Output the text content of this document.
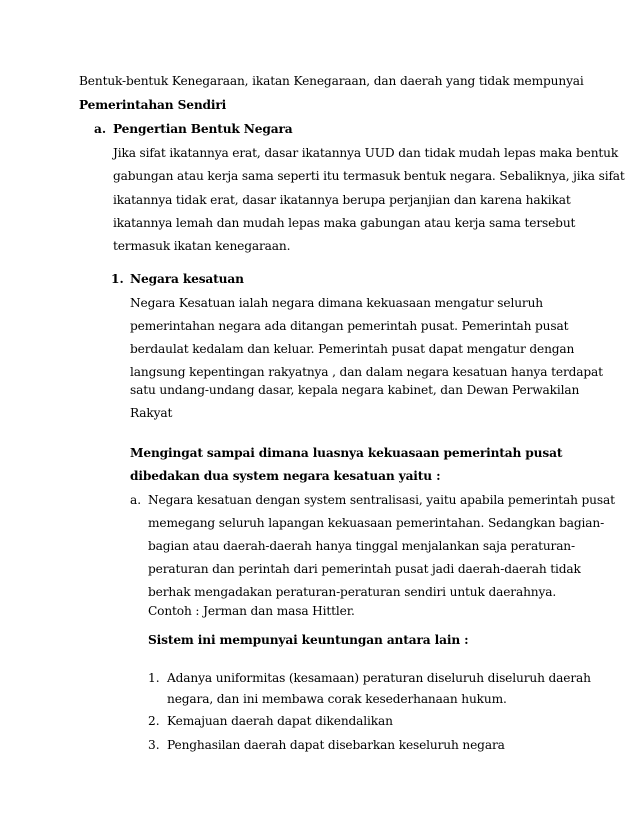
Bentuk-bentuk Kenegaraan, ikatan Kenegaraan, dan daerah yang tidak mempunyai
Pemerintahan Sendiri
a. Pengertian Bentuk Negara
Jika sifat ikatannya erat, dasar ikatannya UUD dan tidak mudah lepas maka bentuk
gabungan atau kerja sama seperti itu termasuk bentuk negara. Sebaliknya, jika sifat
ikatannya tidak erat, dasar ikatannya berupa perjanjian dan karena hakikat
ikatannya lemah dan mudah lepas maka gabungan atau kerja sama tersebut
termasuk ikatan kenegaraan.
1. Negara kesatuan
Negara Kesatuan ialah negara dimana kekuasaan mengatur seluruh
pemerintahan negara ada ditangan pemerintah pusat. Pemerintah pusat
berdaulat kedalam dan keluar. Pemerintah pusat dapat mengatur dengan
langsung kepentingan rakyatnya , dan dalam negara kesatuan hanya terdapat
satu undang-undang dasar, kepala negara kabinet, dan Dewan Perwakilan
Rakyat
Mengingat sampai dimana luasnya kekuasaan pemerintah pusat
dibedakan dua system negara kesatuan yaitu :
a. Negara kesatuan dengan system sentralisasi, yaitu apabila pemerintah pusat
memegang seluruh lapangan kekuasaan pemerintahan. Sedangkan bagian-
bagian atau daerah-daerah hanya tinggal menjalankan saja peraturan-
peraturan dan perintah dari pemerintah pusat jadi daerah-daerah tidak
berhak mengadakan peraturan-peraturan sendiri untuk daerahnya.
Contoh : Jerman dan masa Hittler.
Sistem ini mempunyai keuntungan antara lain :
1. Adanya uniformitas (kesamaan) peraturan diseluruh diseluruh daerah
negara, dan ini membawa corak kesederhanaan hukum.
2. Kemajuan daerah dapat dikendalikan
3. Penghasilan daerah dapat disebarkan keseluruh negara
